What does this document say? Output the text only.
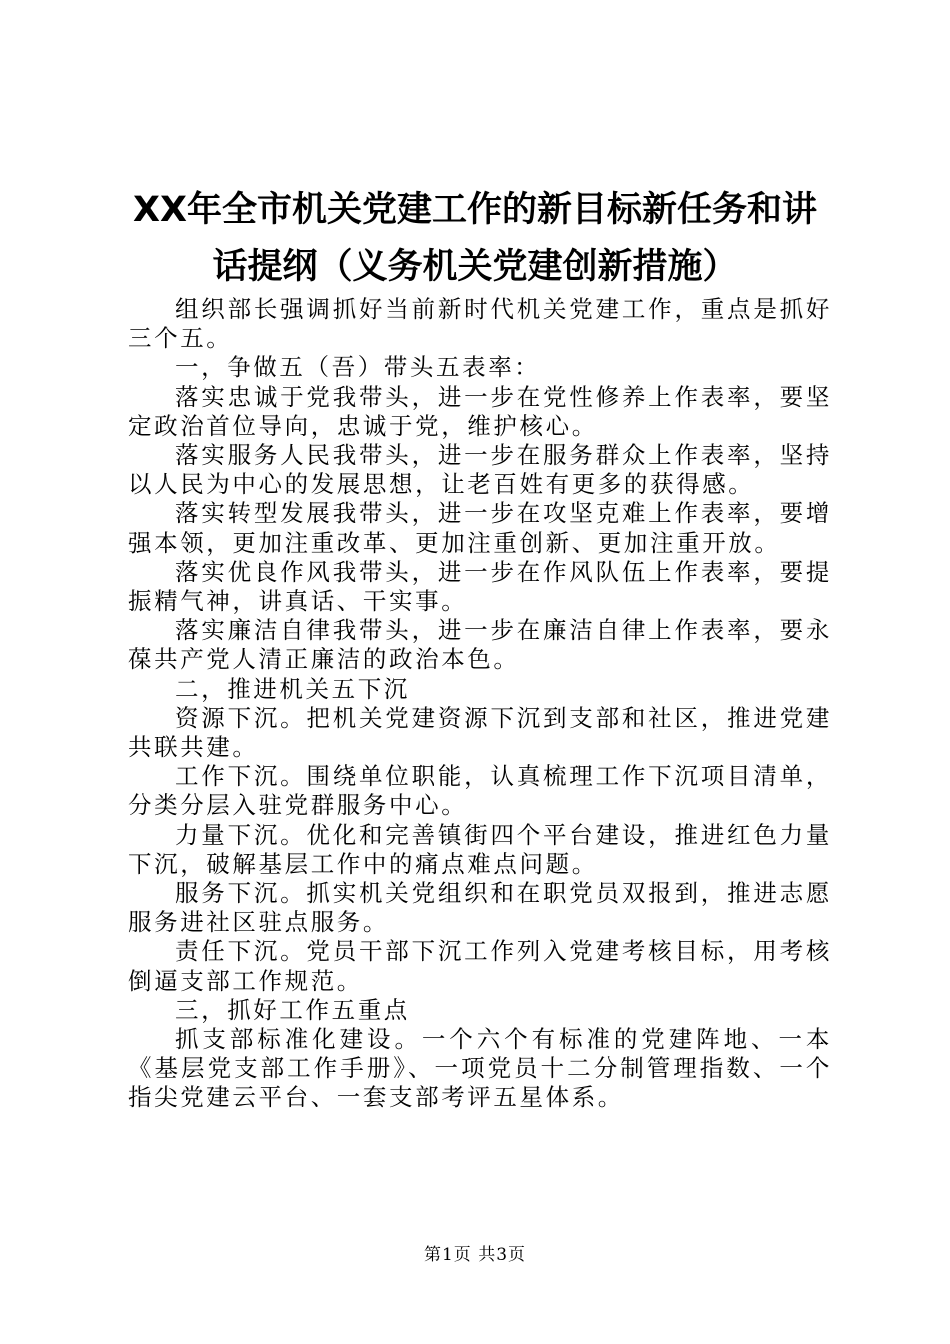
XX年全市机关党建工作的新目标新任务和讲
话提纲（义务机关党建创新措施）

组织部长强调抓好当前新时代机关党建工作，重点是抓好三个五。

一，争做五（吾）带头五表率：

落实忠诚于党我带头，进一步在党性修养上作表率，要坚定政治首位导向，忠诚于党，维护核心。

落实服务人民我带头，进一步在服务群众上作表率，坚持以人民为中心的发展思想，让老百姓有更多的获得感。

落实转型发展我带头，进一步在攻坚克难上作表率，要增强本领，更加注重改革、更加注重创新、更加注重开放。

落实优良作风我带头，进一步在作风队伍上作表率，要提振精气神，讲真话、干实事。

落实廉洁自律我带头，进一步在廉洁自律上作表率，要永葆共产党人清正廉洁的政治本色。

二，推进机关五下沉

资源下沉。把机关党建资源下沉到支部和社区，推进党建共联共建。

工作下沉。围绕单位职能，认真梳理工作下沉项目清单，分类分层入驻党群服务中心。

力量下沉。优化和完善镇街四个平台建设，推进红色力量下沉，破解基层工作中的痛点难点问题。

服务下沉。抓实机关党组织和在职党员双报到，推进志愿服务进社区驻点服务。

责任下沉。党员干部下沉工作列入党建考核目标，用考核倒逼支部工作规范。

三，抓好工作五重点

抓支部标准化建设。一个六个有标准的党建阵地、一本《基层党支部工作手册》、一项党员十二分制管理指数、一个指尖党建云平台、一套支部考评五星体系。

第1页 共3页
